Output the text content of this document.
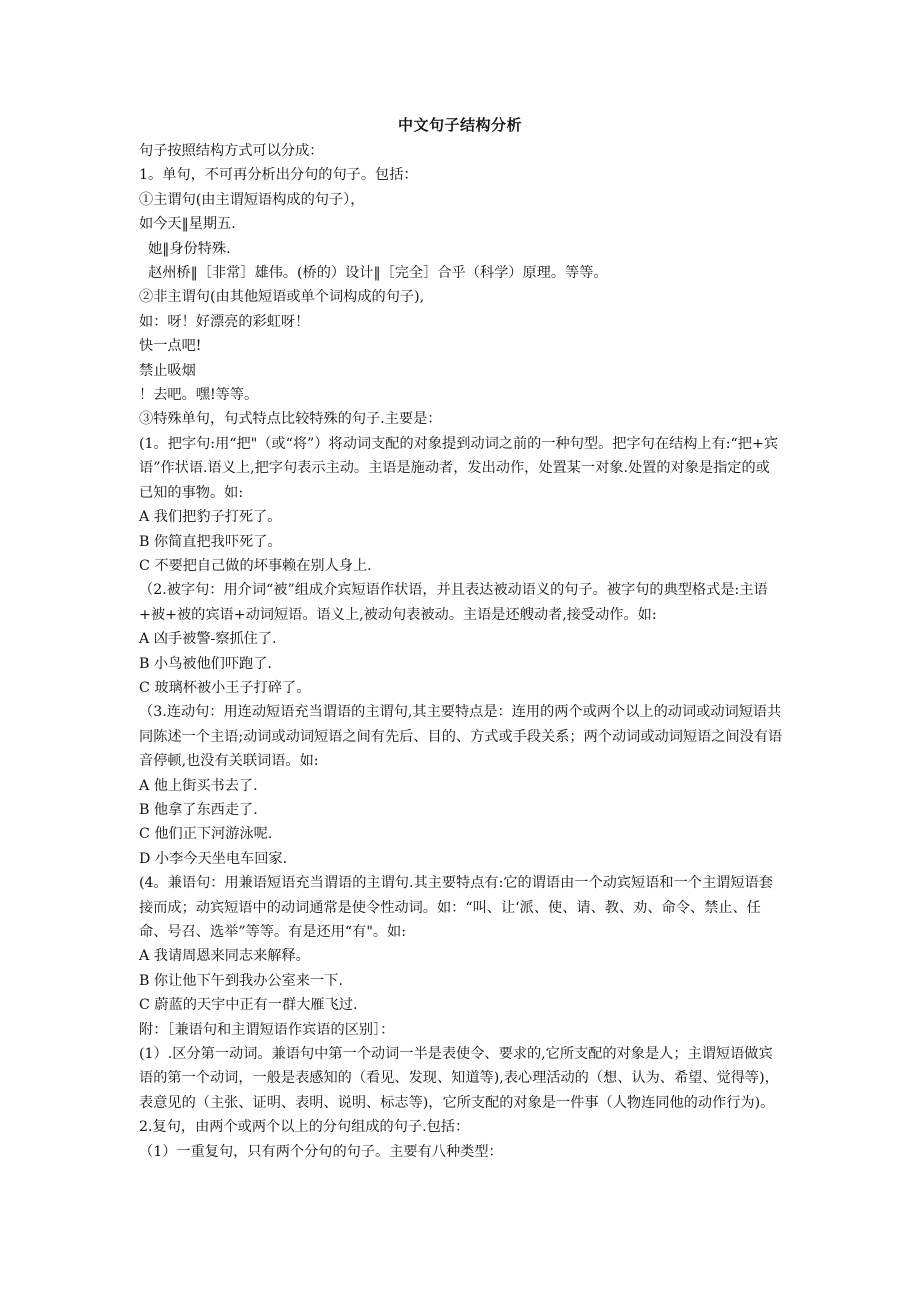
中文句子结构分析

句子按照结构方式可以分成：

1。单句，不可再分析出分句的句子。包括：

①主谓句(由主谓短语构成的句子），

如今天‖星期五.

她‖身份特殊.

赵州桥‖［非常］雄伟。(桥的）设计‖［完全］合乎（科学）原理。等等。

②非主谓句(由其他短语或单个词构成的句子),

如：呀！好漂亮的彩虹呀！

快一点吧!

禁止吸烟

！去吧。嘿!等等。

③特殊单句，句式特点比较特殊的句子.主要是：

(1。把字句:用“把"（或“将”）将动词支配的对象提到动词之前的一种句型。把字句在结构上有:“把+宾语”作状语.语义上,把字句表示主动。主语是施动者，发出动作，处置某一对象.处置的对象是指定的或已知的事物。如:

A 我们把豹子打死了。

B 你简直把我吓死了。

C 不要把自己做的坏事赖在别人身上.

（2.被字句：用介词“被”组成介宾短语作状语，并且表达被动语义的句子。被字句的典型格式是:主语+被+被的宾语+动词短语。语义上,被动句表被动。主语是还艘动者,接受动作。如:

A 凶手被警-察抓住了.

B 小鸟被他们吓跑了.

C 玻璃杯被小王子打碎了。

（3.连动句：用连动短语充当谓语的主谓句,其主要特点是：连用的两个或两个以上的动词或动词短语共同陈述一个主语;动词或动词短语之间有先后、目的、方式或手段关系；两个动词或动词短语之间没有语音停顿,也没有关联词语。如:

A 他上街买书去了.

B 他拿了东西走了.

C 他们正下河游泳呢.

D 小李今天坐电车回家.

(4。兼语句：用兼语短语充当谓语的主谓句.其主要特点有:它的谓语由一个动宾短语和一个主谓短语套接而成；动宾短语中的动词通常是使令性动词。如：“叫、让‘派、使、请、教、劝、命令、禁止、任命、号召、选举”等等。有是还用“有"。如:

A 我请周恩来同志来解释。

B 你让他下午到我办公室来一下.

C 蔚蓝的天宇中正有一群大雁飞过.

附：［兼语句和主谓短语作宾语的区别］：

(1）.区分第一动词。兼语句中第一个动词一半是表使令、要求的,它所支配的对象是人；主谓短语做宾语的第一个动词，一般是表感知的（看见、发现、知道等),表心理活动的（想、认为、希望、觉得等)，表意见的（主张、证明、表明、说明、标志等)，它所支配的对象是一件事（人物连同他的动作行为)。

2.复句，由两个或两个以上的分句组成的句子.包括：

（1）一重复句，只有两个分句的句子。主要有八种类型：
